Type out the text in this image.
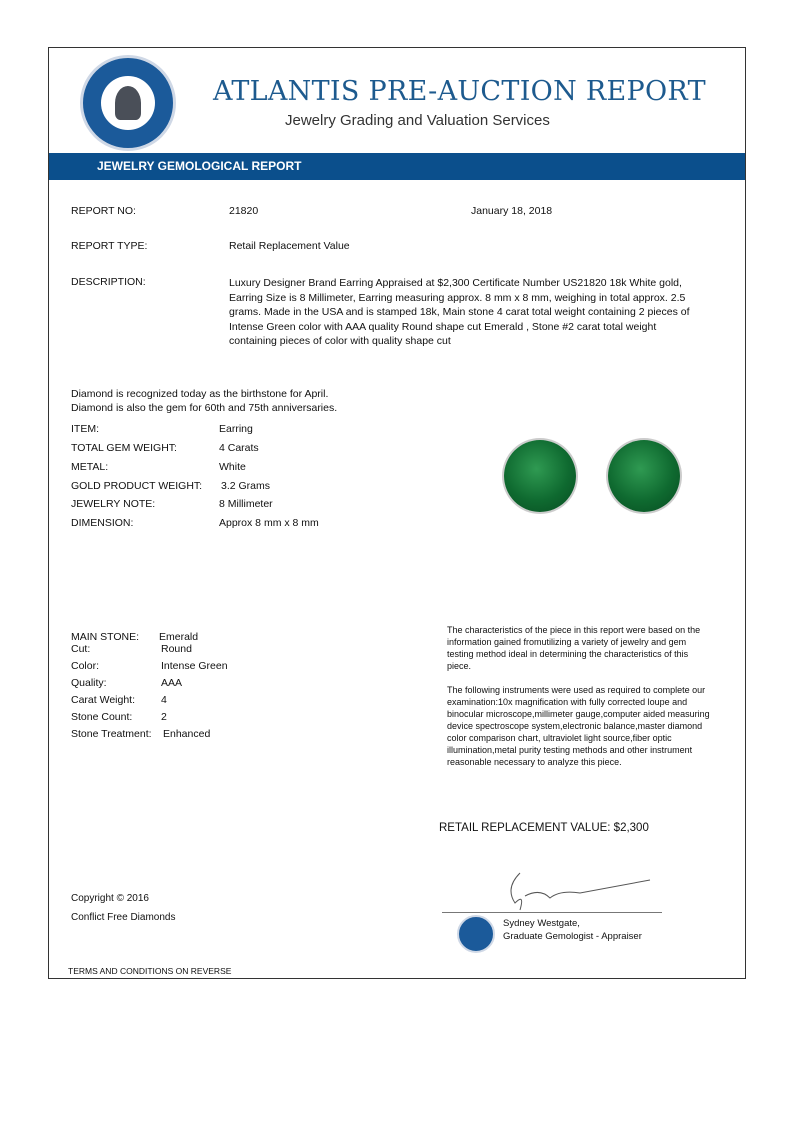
ATLANTIS PRE-AUCTION REPORT
Jewelry Grading and Valuation Services
JEWELRY GEMOLOGICAL REPORT
REPORT NO:	21820	January 18, 2018
REPORT TYPE:	Retail Replacement Value
DESCRIPTION:	Luxury Designer Brand Earring Appraised at $2,300 Certificate Number US21820 18k White gold, Earring Size is 8 Millimeter, Earring measuring approx. 8 mm x 8 mm, weighing in total approx. 2.5 grams. Made in the USA and is stamped 18k, Main stone 4 carat total weight containing 2 pieces of Intense Green color with AAA quality Round shape cut Emerald , Stone #2 carat total weight containing pieces of color with quality shape cut
Diamond is recognized today as the birthstone for April.
Diamond is also the gem for 60th and 75th anniversaries.
ITEM:	Earring
TOTAL GEM WEIGHT:	4 Carats
METAL:	White
GOLD PRODUCT WEIGHT: 3.2 Grams
JEWELRY NOTE:	8 Millimeter
DIMENSION:	Approx 8 mm x 8 mm
MAIN STONE: Emerald
Cut:	Round
Color:	Intense Green
Quality:	AAA
Carat Weight: 4
Stone Count:	2
Stone Treatment: Enhanced
The characteristics of the piece in this report were based on the information gained fromutilizing a variety of jewelry and gem testing method ideal in determining the characteristics of this piece.
The following instruments were used as required to complete our examination:10x magnification with fully corrected loupe and binocular microscope,millimeter gauge,computer aided measuring device spectroscope system,electronic balance,master diamond color comparison chart, ultraviolet light source,fiber optic illumination,metal purity testing methods and other instrument reasonable necessary to analyze this piece.
RETAIL REPLACEMENT VALUE: $2,300
Copyright © 2016
Conflict Free Diamonds
Sydney Westgate,
Graduate Gemologist - Appraiser
TERMS AND CONDITIONS ON REVERSE
